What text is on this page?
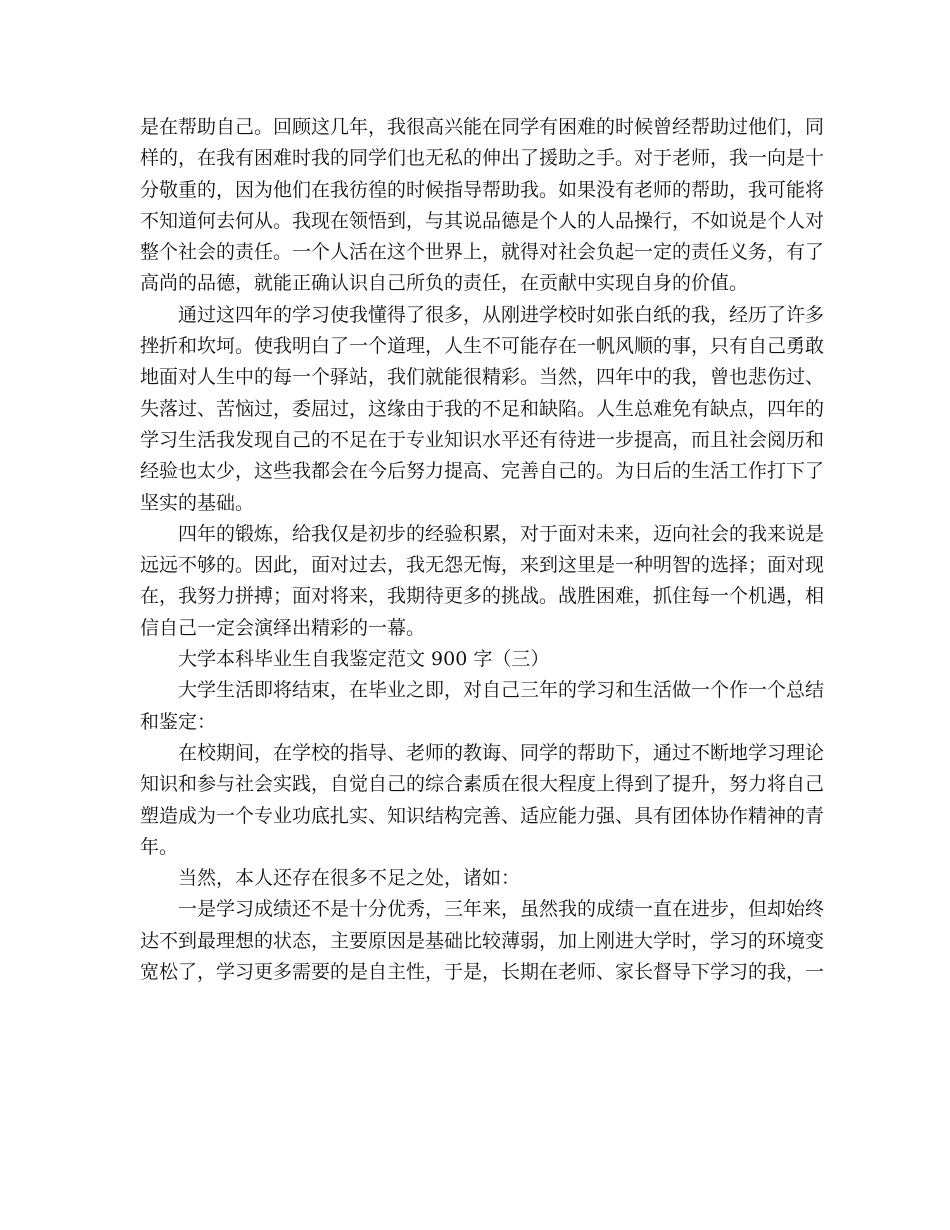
是在帮助自己。回顾这几年，我很高兴能在同学有困难的时候曾经帮助过他们，同
样的，在我有困难时我的同学们也无私的伸出了援助之手。对于老师，我一向是十
分敬重的，因为他们在我彷徨的时候指导帮助我。如果没有老师的帮助，我可能将
不知道何去何从。我现在领悟到，与其说品德是个人的人品操行，不如说是个人对
整个社会的责任。一个人活在这个世界上，就得对社会负起一定的责任义务，有了
高尚的品德，就能正确认识自己所负的责任，在贡献中实现自身的价值。
通过这四年的学习使我懂得了很多，从刚进学校时如张白纸的我，经历了许多
挫折和坎坷。使我明白了一个道理，人生不可能存在一帆风顺的事，只有自己勇敢
地面对人生中的每一个驿站，我们就能很精彩。当然，四年中的我，曾也悲伤过、
失落过、苦恼过，委屈过，这缘由于我的不足和缺陷。人生总难免有缺点，四年的
学习生活我发现自己的不足在于专业知识水平还有待进一步提高，而且社会阅历和
经验也太少，这些我都会在今后努力提高、完善自己的。为日后的生活工作打下了
坚实的基础。
四年的锻炼，给我仅是初步的经验积累，对于面对未来，迈向社会的我来说是
远远不够的。因此，面对过去，我无怨无悔，来到这里是一种明智的选择；面对现
在，我努力拼搏；面对将来，我期待更多的挑战。战胜困难，抓住每一个机遇，相
信自己一定会演绎出精彩的一幕。
大学本科毕业生自我鉴定范文 900 字（三）
大学生活即将结束，在毕业之即，对自己三年的学习和生活做一个作一个总结
和鉴定：
在校期间，在学校的指导、老师的教诲、同学的帮助下，通过不断地学习理论
知识和参与社会实践，自觉自己的综合素质在很大程度上得到了提升，努力将自己
塑造成为一个专业功底扎实、知识结构完善、适应能力强、具有团体协作精神的青
年。
当然，本人还存在很多不足之处，诸如：
一是学习成绩还不是十分优秀，三年来，虽然我的成绩一直在进步，但却始终
达不到最理想的状态，主要原因是基础比较薄弱，加上刚进大学时，学习的环境变
宽松了，学习更多需要的是自主性，于是，长期在老师、家长督导下学习的我，一
